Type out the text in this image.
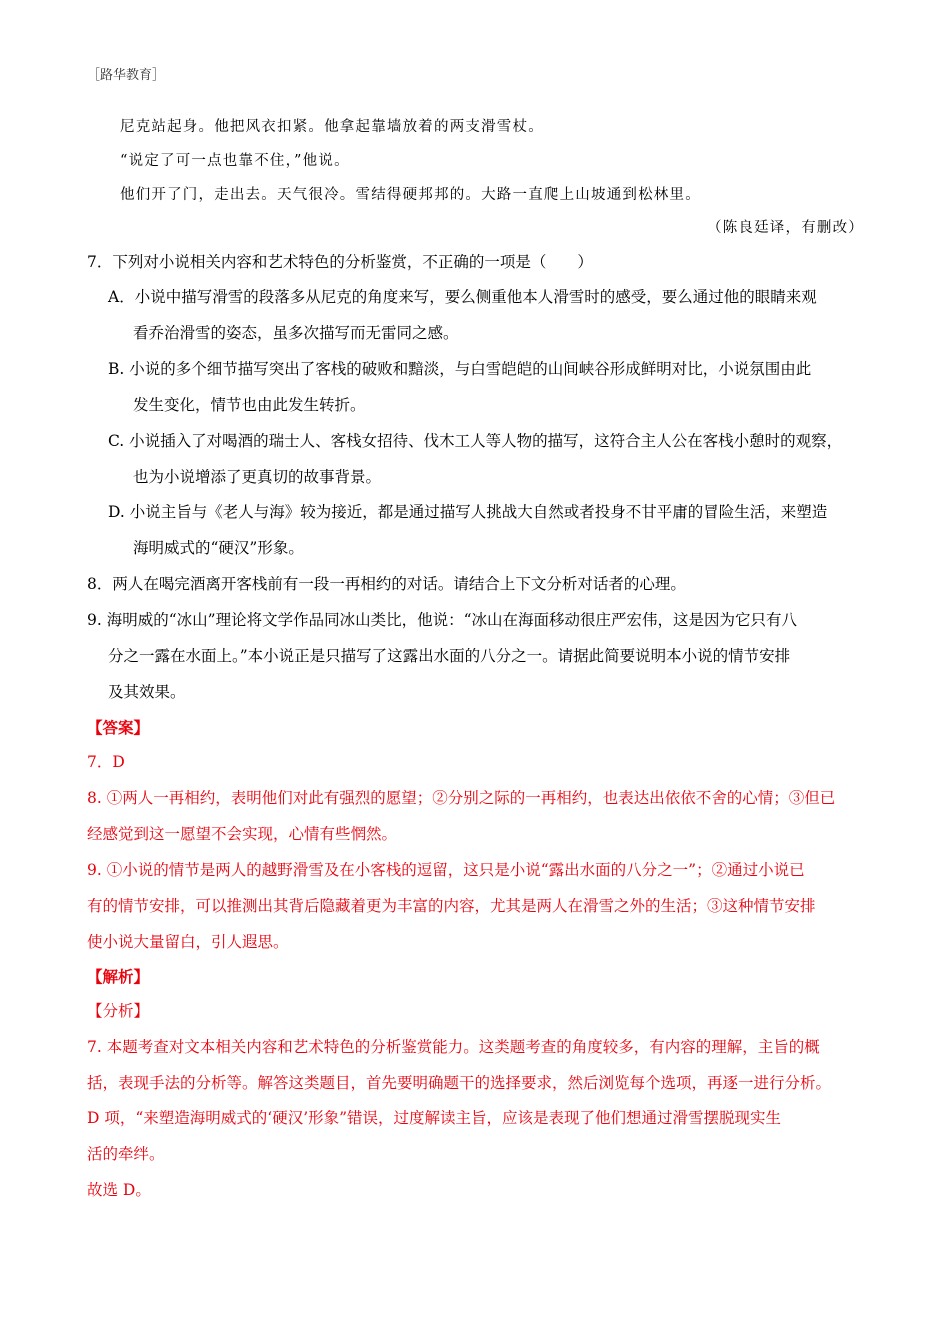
［路华教育］
尼克站起身。他把风衣扣紧。他拿起靠墙放着的两支滑雪杖。
“说定了可一点也靠不住，”他说。
他们开了门，走出去。天气很冷。雪结得硬邦邦的。大路一直爬上山坡通到松林里。
（陈良廷译，有删改）
7．下列对小说相关内容和艺术特色的分析鉴赏，不正确的一项是（　　）
A．小说中描写滑雪的段落多从尼克的角度来写，要么侧重他本人滑雪时的感受，要么通过他的眼睛来观
看乔治滑雪的姿态，虽多次描写而无雷同之感。
B. 小说的多个细节描写突出了客栈的破败和黯淡，与白雪皑皑的山间峡谷形成鲜明对比，小说氛围由此
发生变化，情节也由此发生转折。
C. 小说插入了对喝酒的瑞士人、客栈女招待、伐木工人等人物的描写，这符合主人公在客栈小憩时的观察，
也为小说增添了更真切的故事背景。
D. 小说主旨与《老人与海》较为接近，都是通过描写人挑战大自然或者投身不甘平庸的冒险生活，来塑造
海明威式的“硬汉”形象。
8．两人在喝完酒离开客栈前有一段一再相约的对话。请结合上下文分析对话者的心理。
9. 海明威的“冰山”理论将文学作品同冰山类比，他说：“冰山在海面移动很庄严宏伟，这是因为它只有八
分之一露在水面上。”本小说正是只描写了这露出水面的八分之一。请据此简要说明本小说的情节安排
及其效果。
【答案】
7．D
8. ①两人一再相约，表明他们对此有强烈的愿望；②分别之际的一再相约，也表达出依依不舍的心情；③但已
经感觉到这一愿望不会实现，心情有些惘然。
9. ①小说的情节是两人的越野滑雪及在小客栈的逗留，这只是小说“露出水面的八分之一”；②通过小说已
有的情节安排，可以推测出其背后隐藏着更为丰富的内容，尤其是两人在滑雪之外的生活；③这种情节安排
使小说大量留白，引人遐思。
【解析】
【分析】
7. 本题考查对文本相关内容和艺术特色的分析鉴赏能力。这类题考查的角度较多，有内容的理解，主旨的概
括，表现手法的分析等。解答这类题目，首先要明确题干的选择要求，然后浏览每个选项，再逐一进行分析。
D 项，“来塑造海明威式的‘硬汉’形象”错误，过度解读主旨，应该是表现了他们想通过滑雪摆脱现实生
活的牵绊。
故选 D。
